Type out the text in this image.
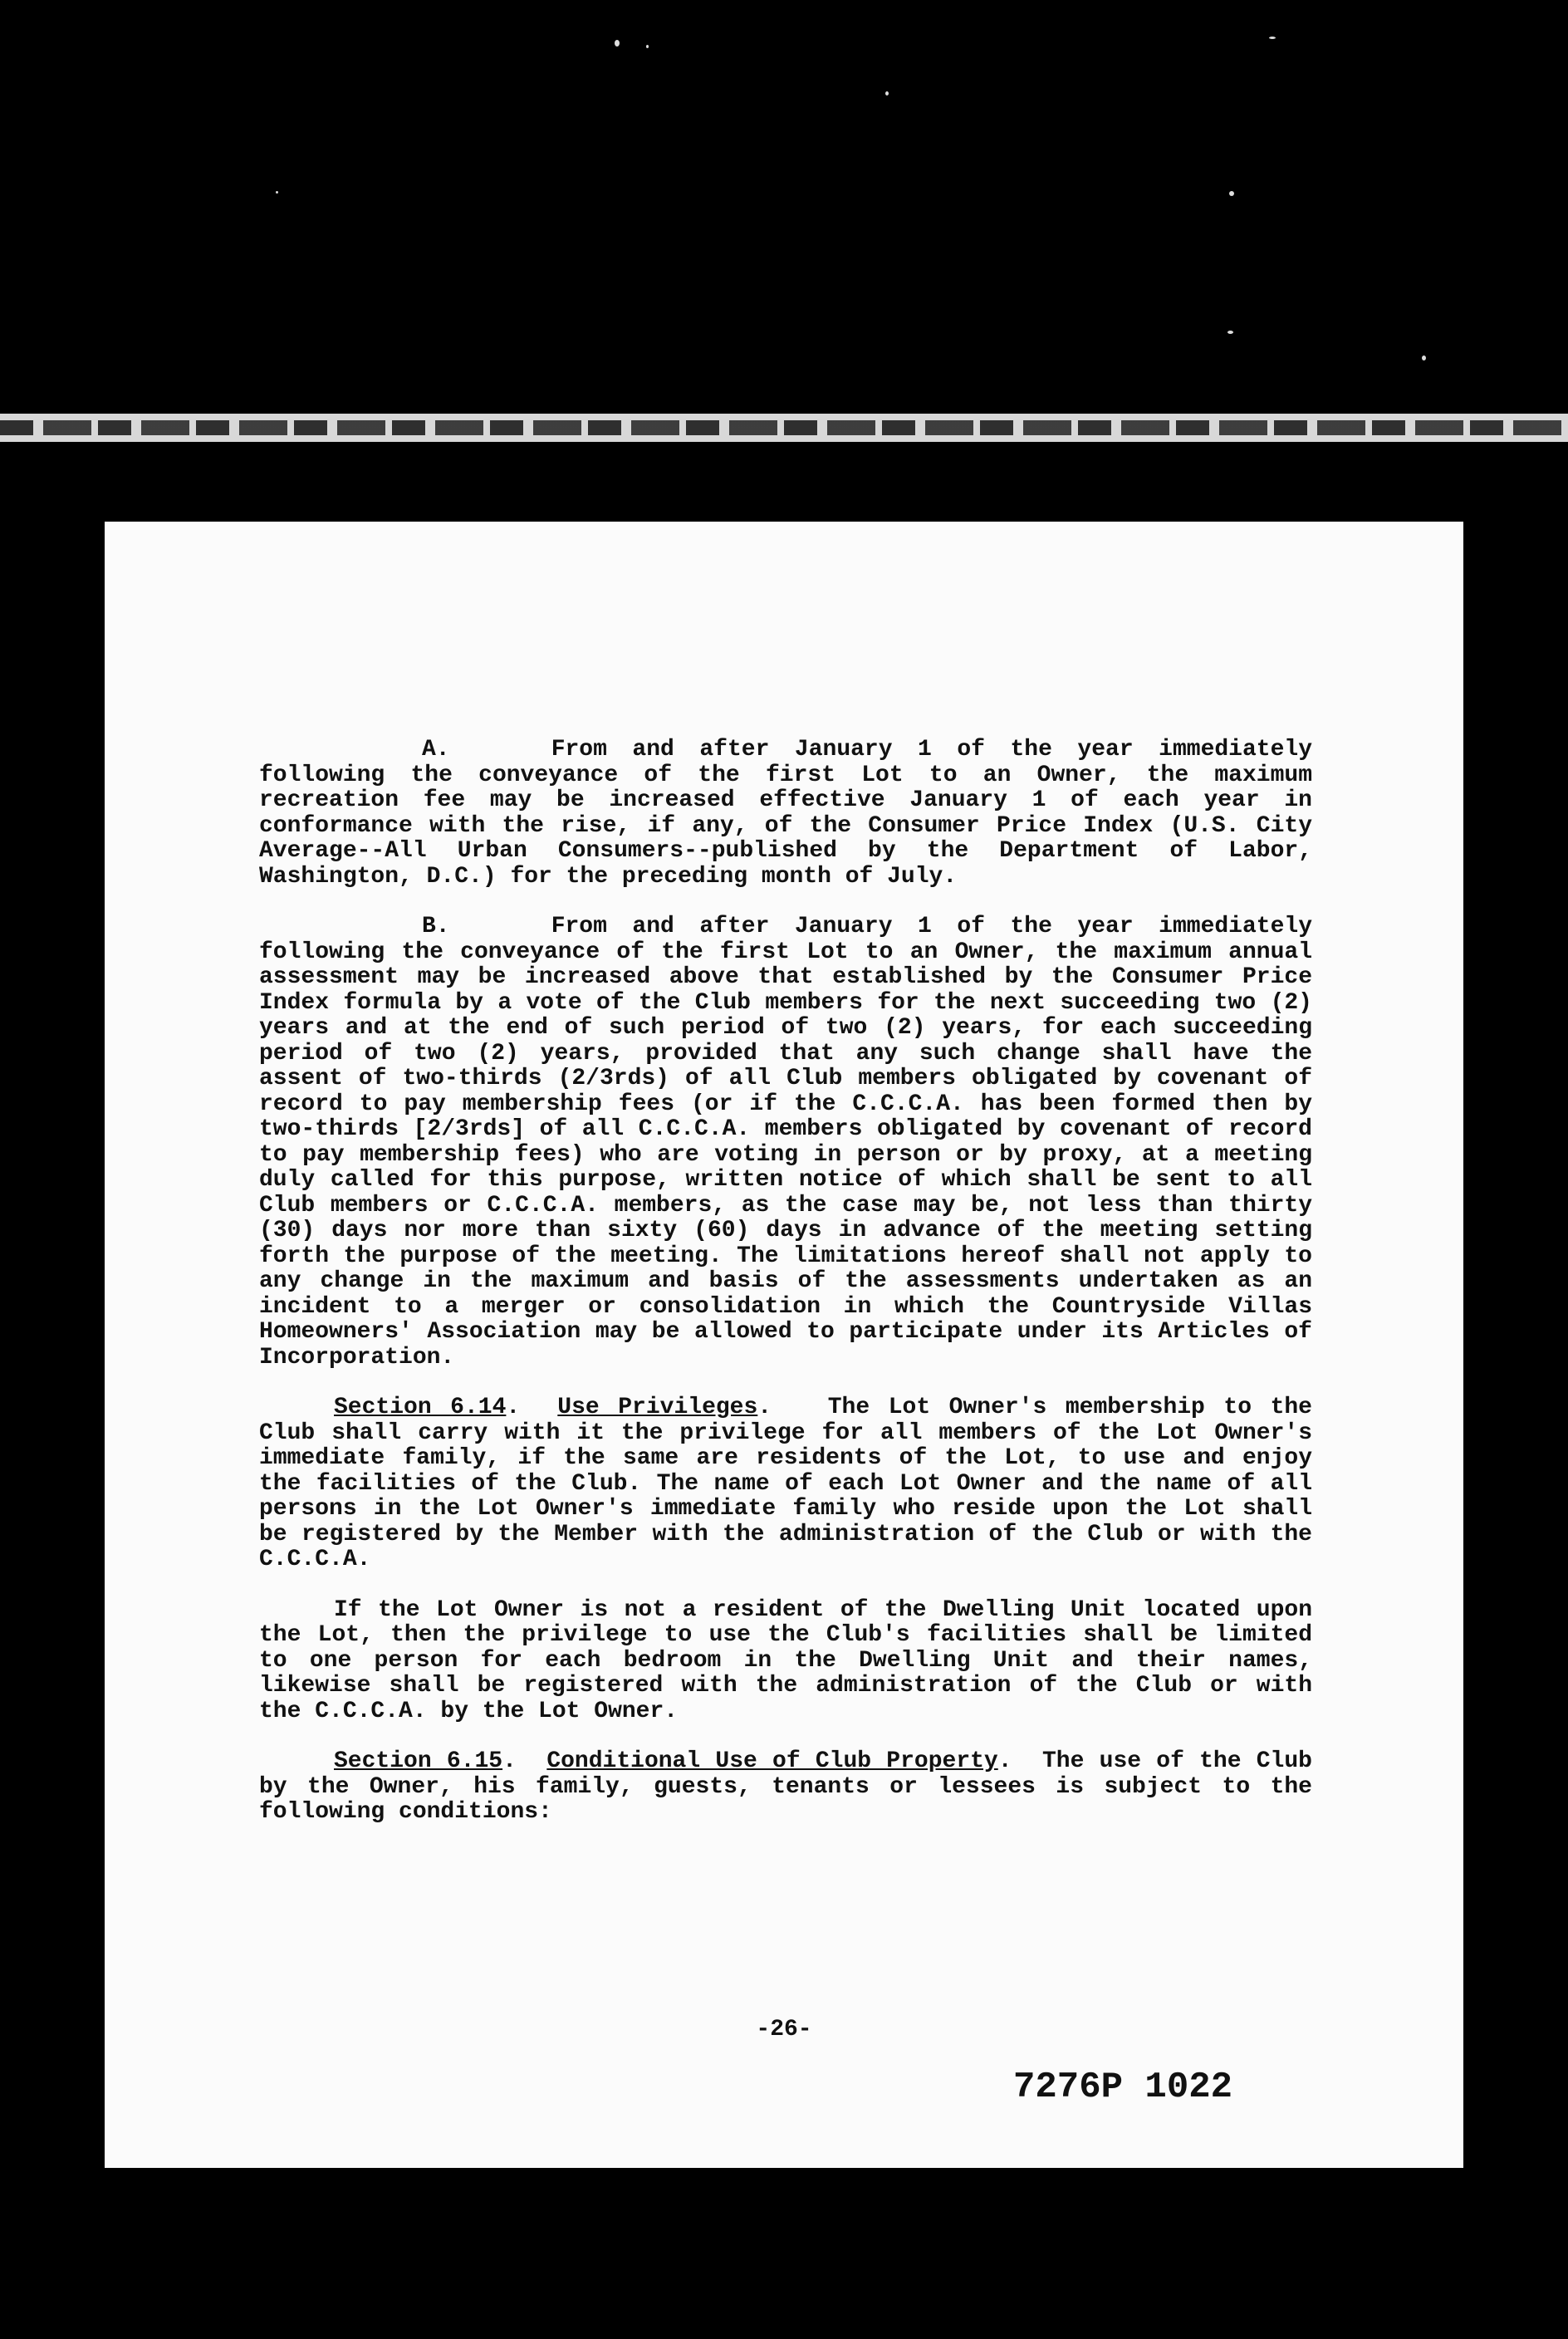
A.	From and after January 1 of the year immediately following the conveyance of the first Lot to an Owner, the maximum recreation fee may be increased effective January 1 of each year in conformance with the rise, if any, of the Consumer Price Index (U.S. City Average--All Urban Consumers--published by the Department of Labor, Washington, D.C.) for the preceding month of July.

B.	From and after January 1 of the year immediately following the conveyance of the first Lot to an Owner, the maximum annual assessment may be increased above that established by the Consumer Price Index formula by a vote of the Club members for the next succeeding two (2) years and at the end of such period of two (2) years, for each succeeding period of two (2) years, provided that any such change shall have the assent of two-thirds (2/3rds) of all Club members obligated by covenant of record to pay membership fees (or if the C.C.C.A. has been formed then by two-thirds [2/3rds] of all C.C.C.A. members obligated by covenant of record to pay membership fees) who are voting in person or by proxy, at a meeting duly called for this purpose, written notice of which shall be sent to all Club members or C.C.C.A. members, as the case may be, not less than thirty (30) days nor more than sixty (60) days in advance of the meeting setting forth the purpose of the meeting. The limitations hereof shall not apply to any change in the maximum and basis of the assessments undertaken as an incident to a merger or consolidation in which the Countryside Villas Homeowners' Association may be allowed to participate under its Articles of Incorporation.

Section 6.14.  Use Privileges.   The Lot Owner's membership to the Club shall carry with it the privilege for all members of the Lot Owner's immediate family, if the same are residents of the Lot, to use and enjoy the facilities of the Club. The name of each Lot Owner and the name of all persons in the Lot Owner's immediate family who reside upon the Lot shall be registered by the Member with the administration of the Club or with the C.C.C.A.

If the Lot Owner is not a resident of the Dwelling Unit located upon the Lot, then the privilege to use the Club's facilities shall be limited to one person for each bedroom in the Dwelling Unit and their names, likewise shall be registered with the administration of the Club or with the C.C.C.A. by the Lot Owner.

Section 6.15.  Conditional Use of Club Property.  The use of the Club by the Owner, his family, guests, tenants or lessees is subject to the following conditions:

-26-
7276P 1022
